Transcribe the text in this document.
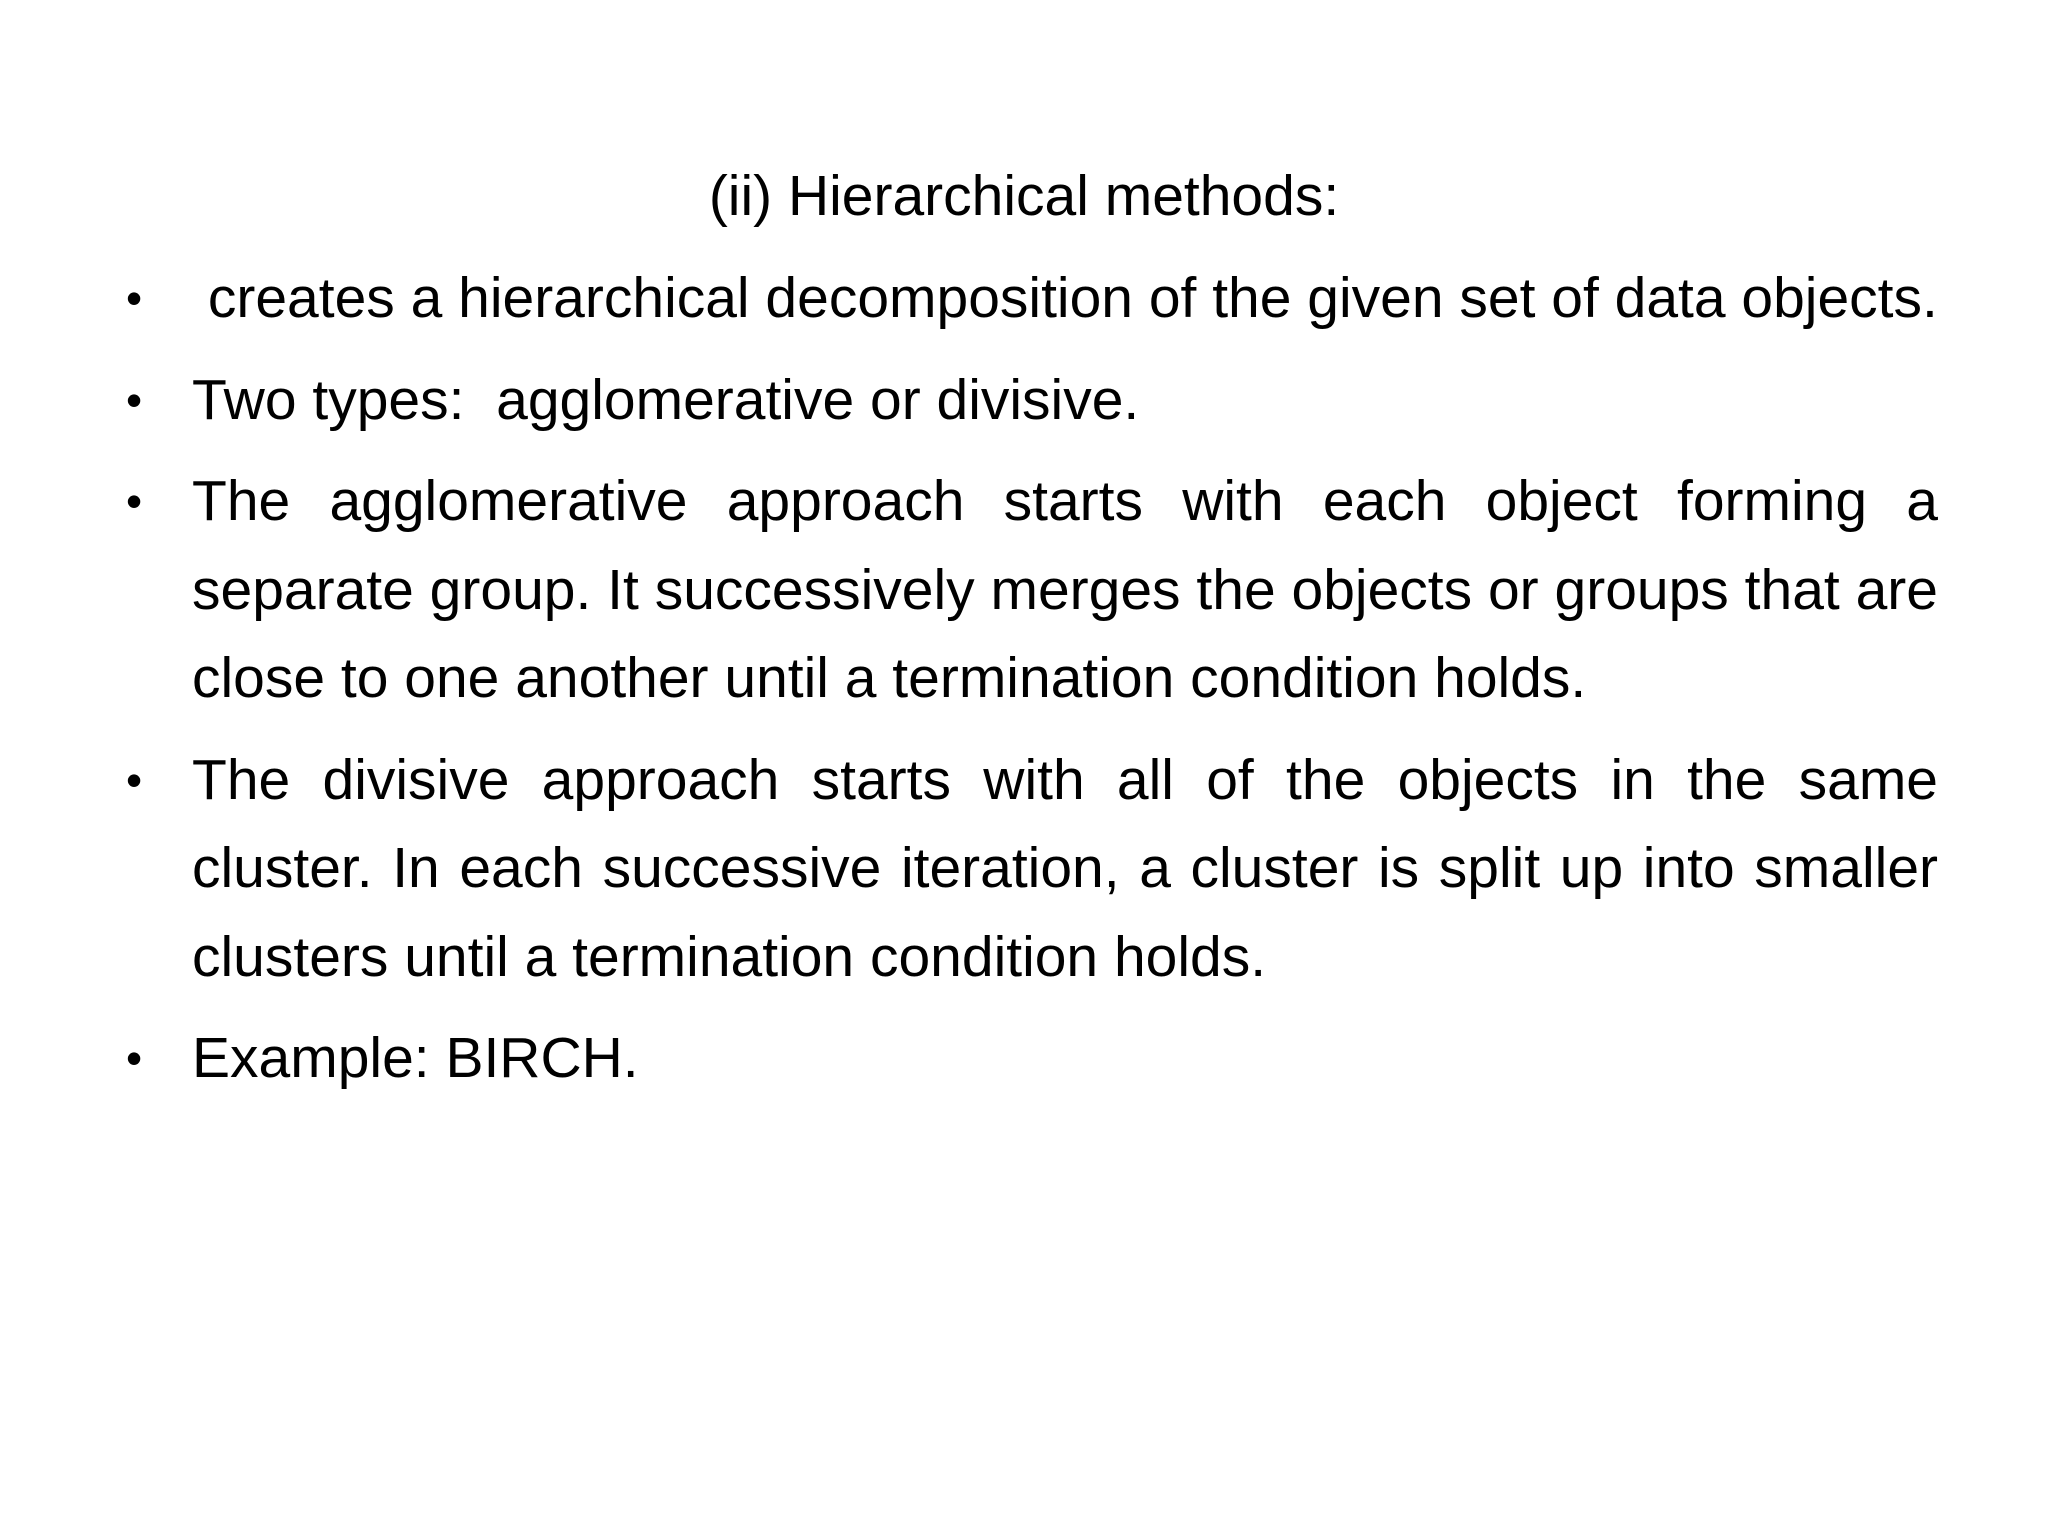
(ii) Hierarchical methods:
• creates a hierarchical decomposition of the given set of data objects.
• Two types:  agglomerative or divisive.
• The agglomerative approach starts with each object forming a separate group. It successively merges the objects or groups that are close to one another until a termination condition holds.
• The divisive approach starts with all of the objects in the same cluster. In each successive iteration, a cluster is split up into smaller clusters until a termination condition holds.
• Example: BIRCH.
